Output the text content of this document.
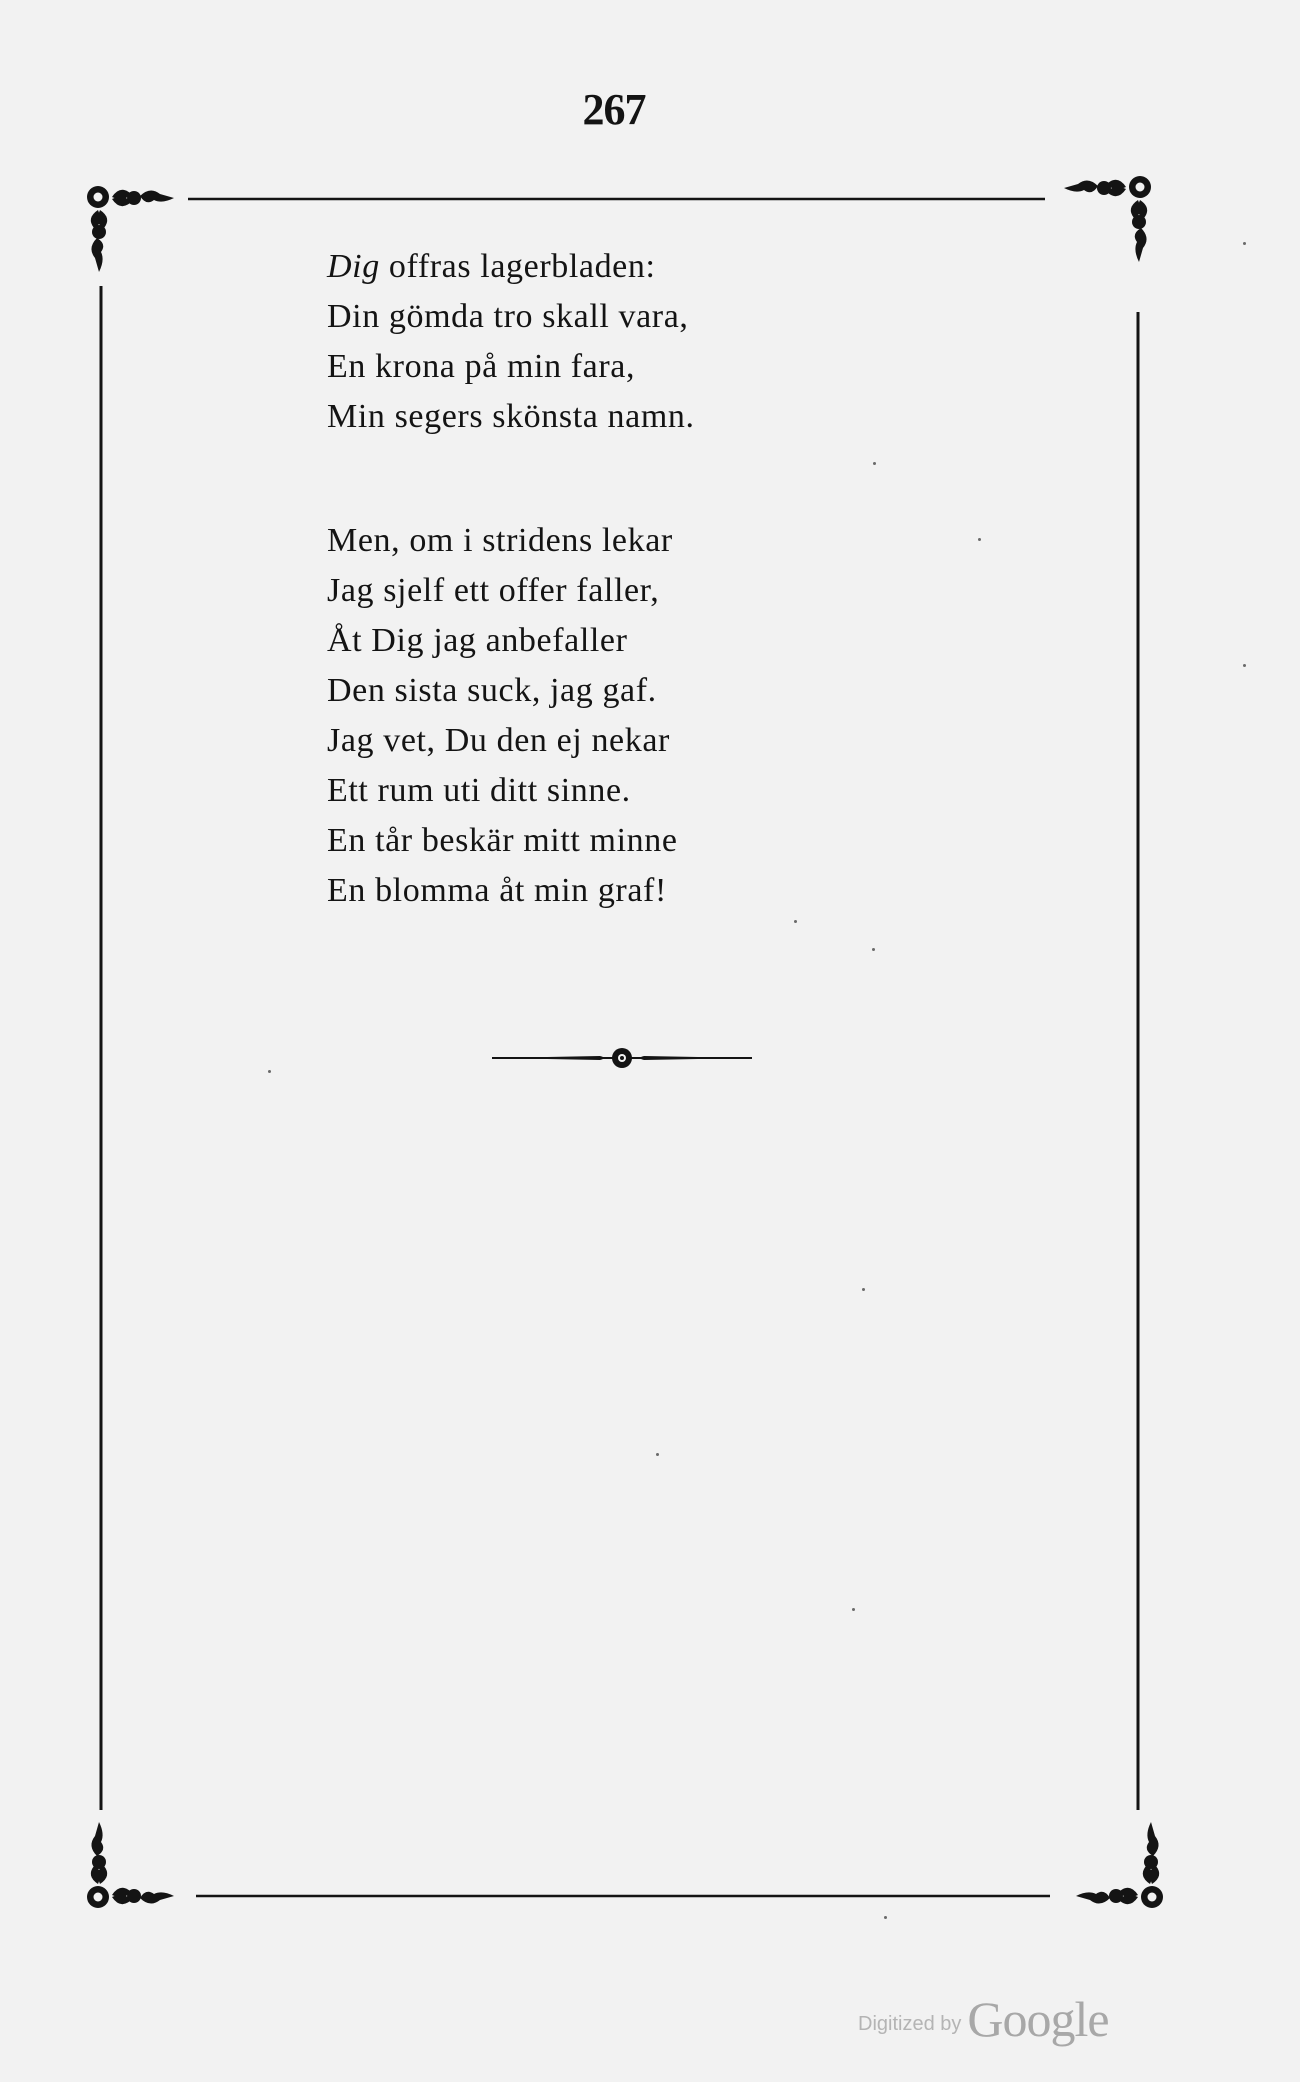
267
Dig offras lagerbladen:
Din gömda tro skall vara,
En krona på min fara,
Min segers skönsta namn.
Men, om i stridens lekar
Jag sjelf ett offer faller,
Åt Dig jag anbefaller
Den sista suck, jag gaf.
Jag vet, Du den ej nekar
Ett rum uti ditt sinne.
En tår beskär mitt minne
En blomma åt min graf!
Digitized by Google
